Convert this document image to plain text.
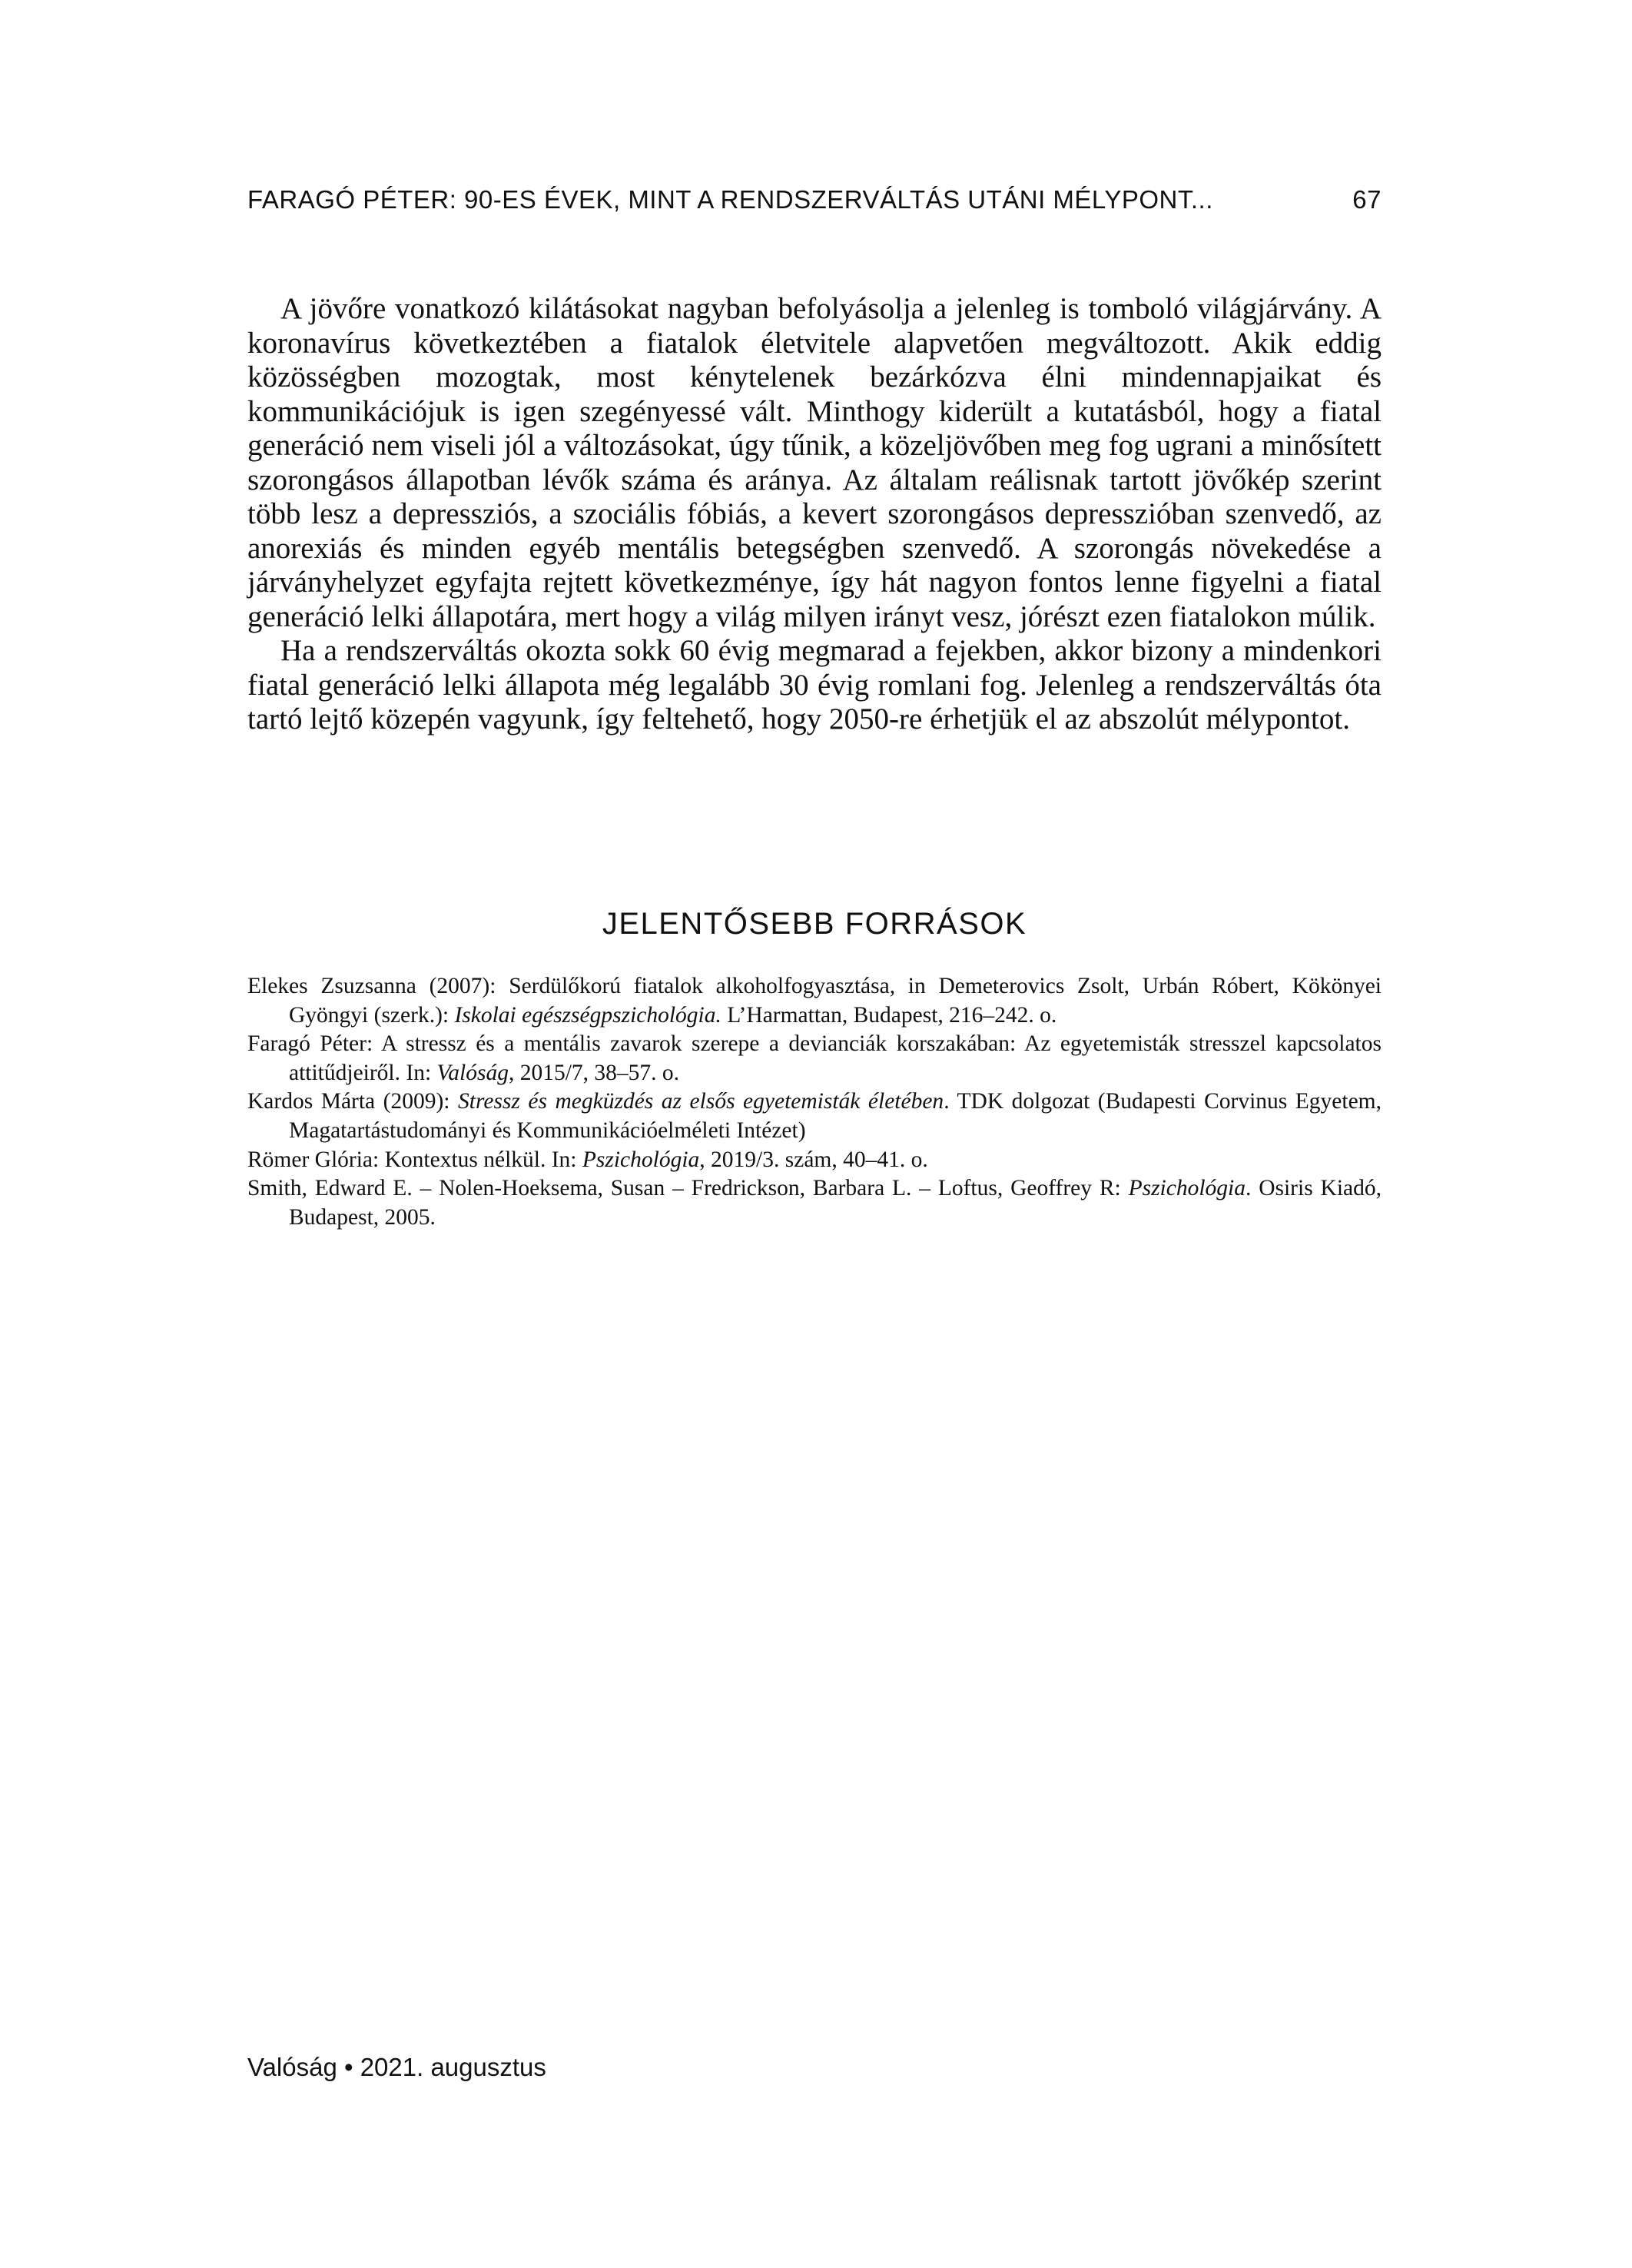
FARAGÓ PÉTER: 90-ES ÉVEK, MINT A RENDSZERVÁLTÁS UTÁNI MÉLYPONT...	67

A jövőre vonatkozó kilátásokat nagyban befolyásolja a jelenleg is tomboló világjárvány. A koronavírus következtében a fiatalok életvitele alapvetően megváltozott. Akik eddig közösségben mozogtak, most kénytelenek bezárkózva élni mindennapjaikat és kommunikációjuk is igen szegényessé vált. Minthogy kiderült a kutatásból, hogy a fiatal generáció nem viseli jól a változásokat, úgy tűnik, a közeljövőben meg fog ugrani a minősített szorongásos állapotban lévők száma és aránya. Az általam reálisnak tartott jövőkép szerint több lesz a depressziós, a szociális fóbiás, a kevert szorongásos depresszióban szenvedő, az anorexiás és minden egyéb mentális betegségben szenvedő. A szorongás növekedése a járványhelyzet egyfajta rejtett következménye, így hát nagyon fontos lenne figyelni a fiatal generáció lelki állapotára, mert hogy a világ milyen irányt vesz, jórészt ezen fiatalokon múlik.

Ha a rendszerváltás okozta sokk 60 évig megmarad a fejekben, akkor bizony a mindenkori fiatal generáció lelki állapota még legalább 30 évig romlani fog. Jelenleg a rendszerváltás óta tartó lejtő közepén vagyunk, így feltehető, hogy 2050-re érhetjük el az abszolút mélypontot.

JELENTŐSEBB FORRÁSOK

Elekes Zsuzsanna (2007): Serdülőkorú fiatalok alkoholfogyasztása, in Demeterovics Zsolt, Urbán Róbert, Kökönyei Gyöngyi (szerk.): Iskolai egészségpszichológia. L’Harmattan, Budapest, 216–242. o.

Faragó Péter: A stressz és a mentális zavarok szerepe a devianciák korszakában: Az egyetemisták stresszel kapcsolatos attitűdjeiről. In: Valóság, 2015/7, 38–57. o.

Kardos Márta (2009): Stressz és megküzdés az elsős egyetemisták életében. TDK dolgozat (Budapesti Corvinus Egyetem, Magatartástudományi és Kommunikációelméleti Intézet)

Römer Glória: Kontextus nélkül. In: Pszichológia, 2019/3. szám, 40–41. o.

Smith, Edward E. – Nolen-Hoeksema, Susan – Fredrickson, Barbara L. – Loftus, Geoffrey R: Pszichológia. Osiris Kiadó, Budapest, 2005.

Valóság • 2021. augusztus
